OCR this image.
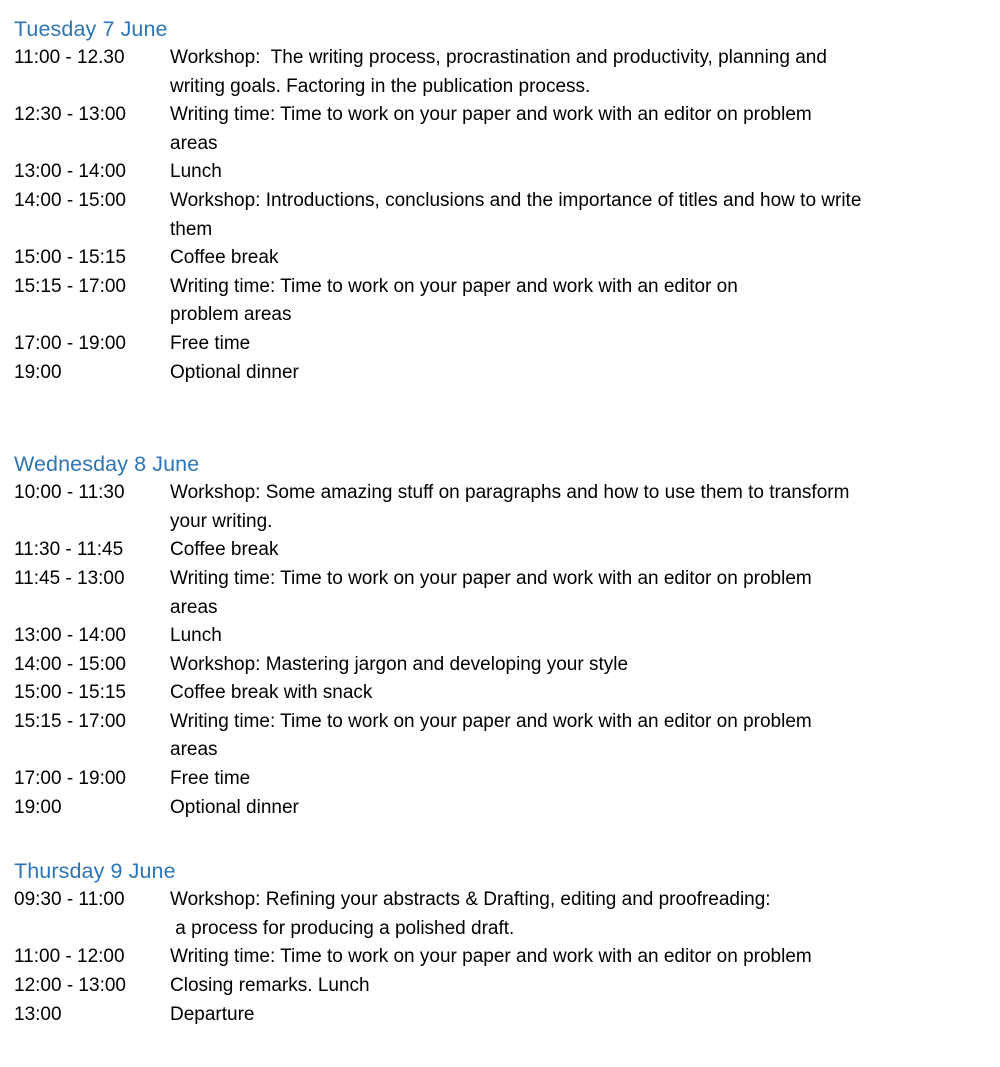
Tuesday 7 June
11:00 - 12.30	Workshop:  The writing process, procrastination and productivity, planning and
writing goals. Factoring in the publication process.
12:30 - 13:00	Writing time: Time to work on your paper and work with an editor on problem
areas
13:00 - 14:00	Lunch
14:00 - 15:00	Workshop: Introductions, conclusions and the importance of titles and how to write
them
15:00 - 15:15	Coffee break
15:15 - 17:00	Writing time: Time to work on your paper and work with an editor on
problem areas
17:00 - 19:00	Free time
19:00	Optional dinner
Wednesday 8 June
10:00 - 11:30	Workshop: Some amazing stuff on paragraphs and how to use them to transform
your writing.
11:30 - 11:45	Coffee break
11:45 - 13:00	Writing time: Time to work on your paper and work with an editor on problem
areas
13:00 - 14:00	Lunch
14:00 - 15:00	Workshop: Mastering jargon and developing your style
15:00 - 15:15	Coffee break with snack
15:15 - 17:00	Writing time: Time to work on your paper and work with an editor on problem
areas
17:00 - 19:00	Free time
19:00	Optional dinner
Thursday 9 June
09:30 - 11:00	Workshop: Refining your abstracts & Drafting, editing and proofreading:
a process for producing a polished draft.
11:00 - 12:00	Writing time: Time to work on your paper and work with an editor on problem
12:00 - 13:00	Closing remarks. Lunch
13:00	Departure
